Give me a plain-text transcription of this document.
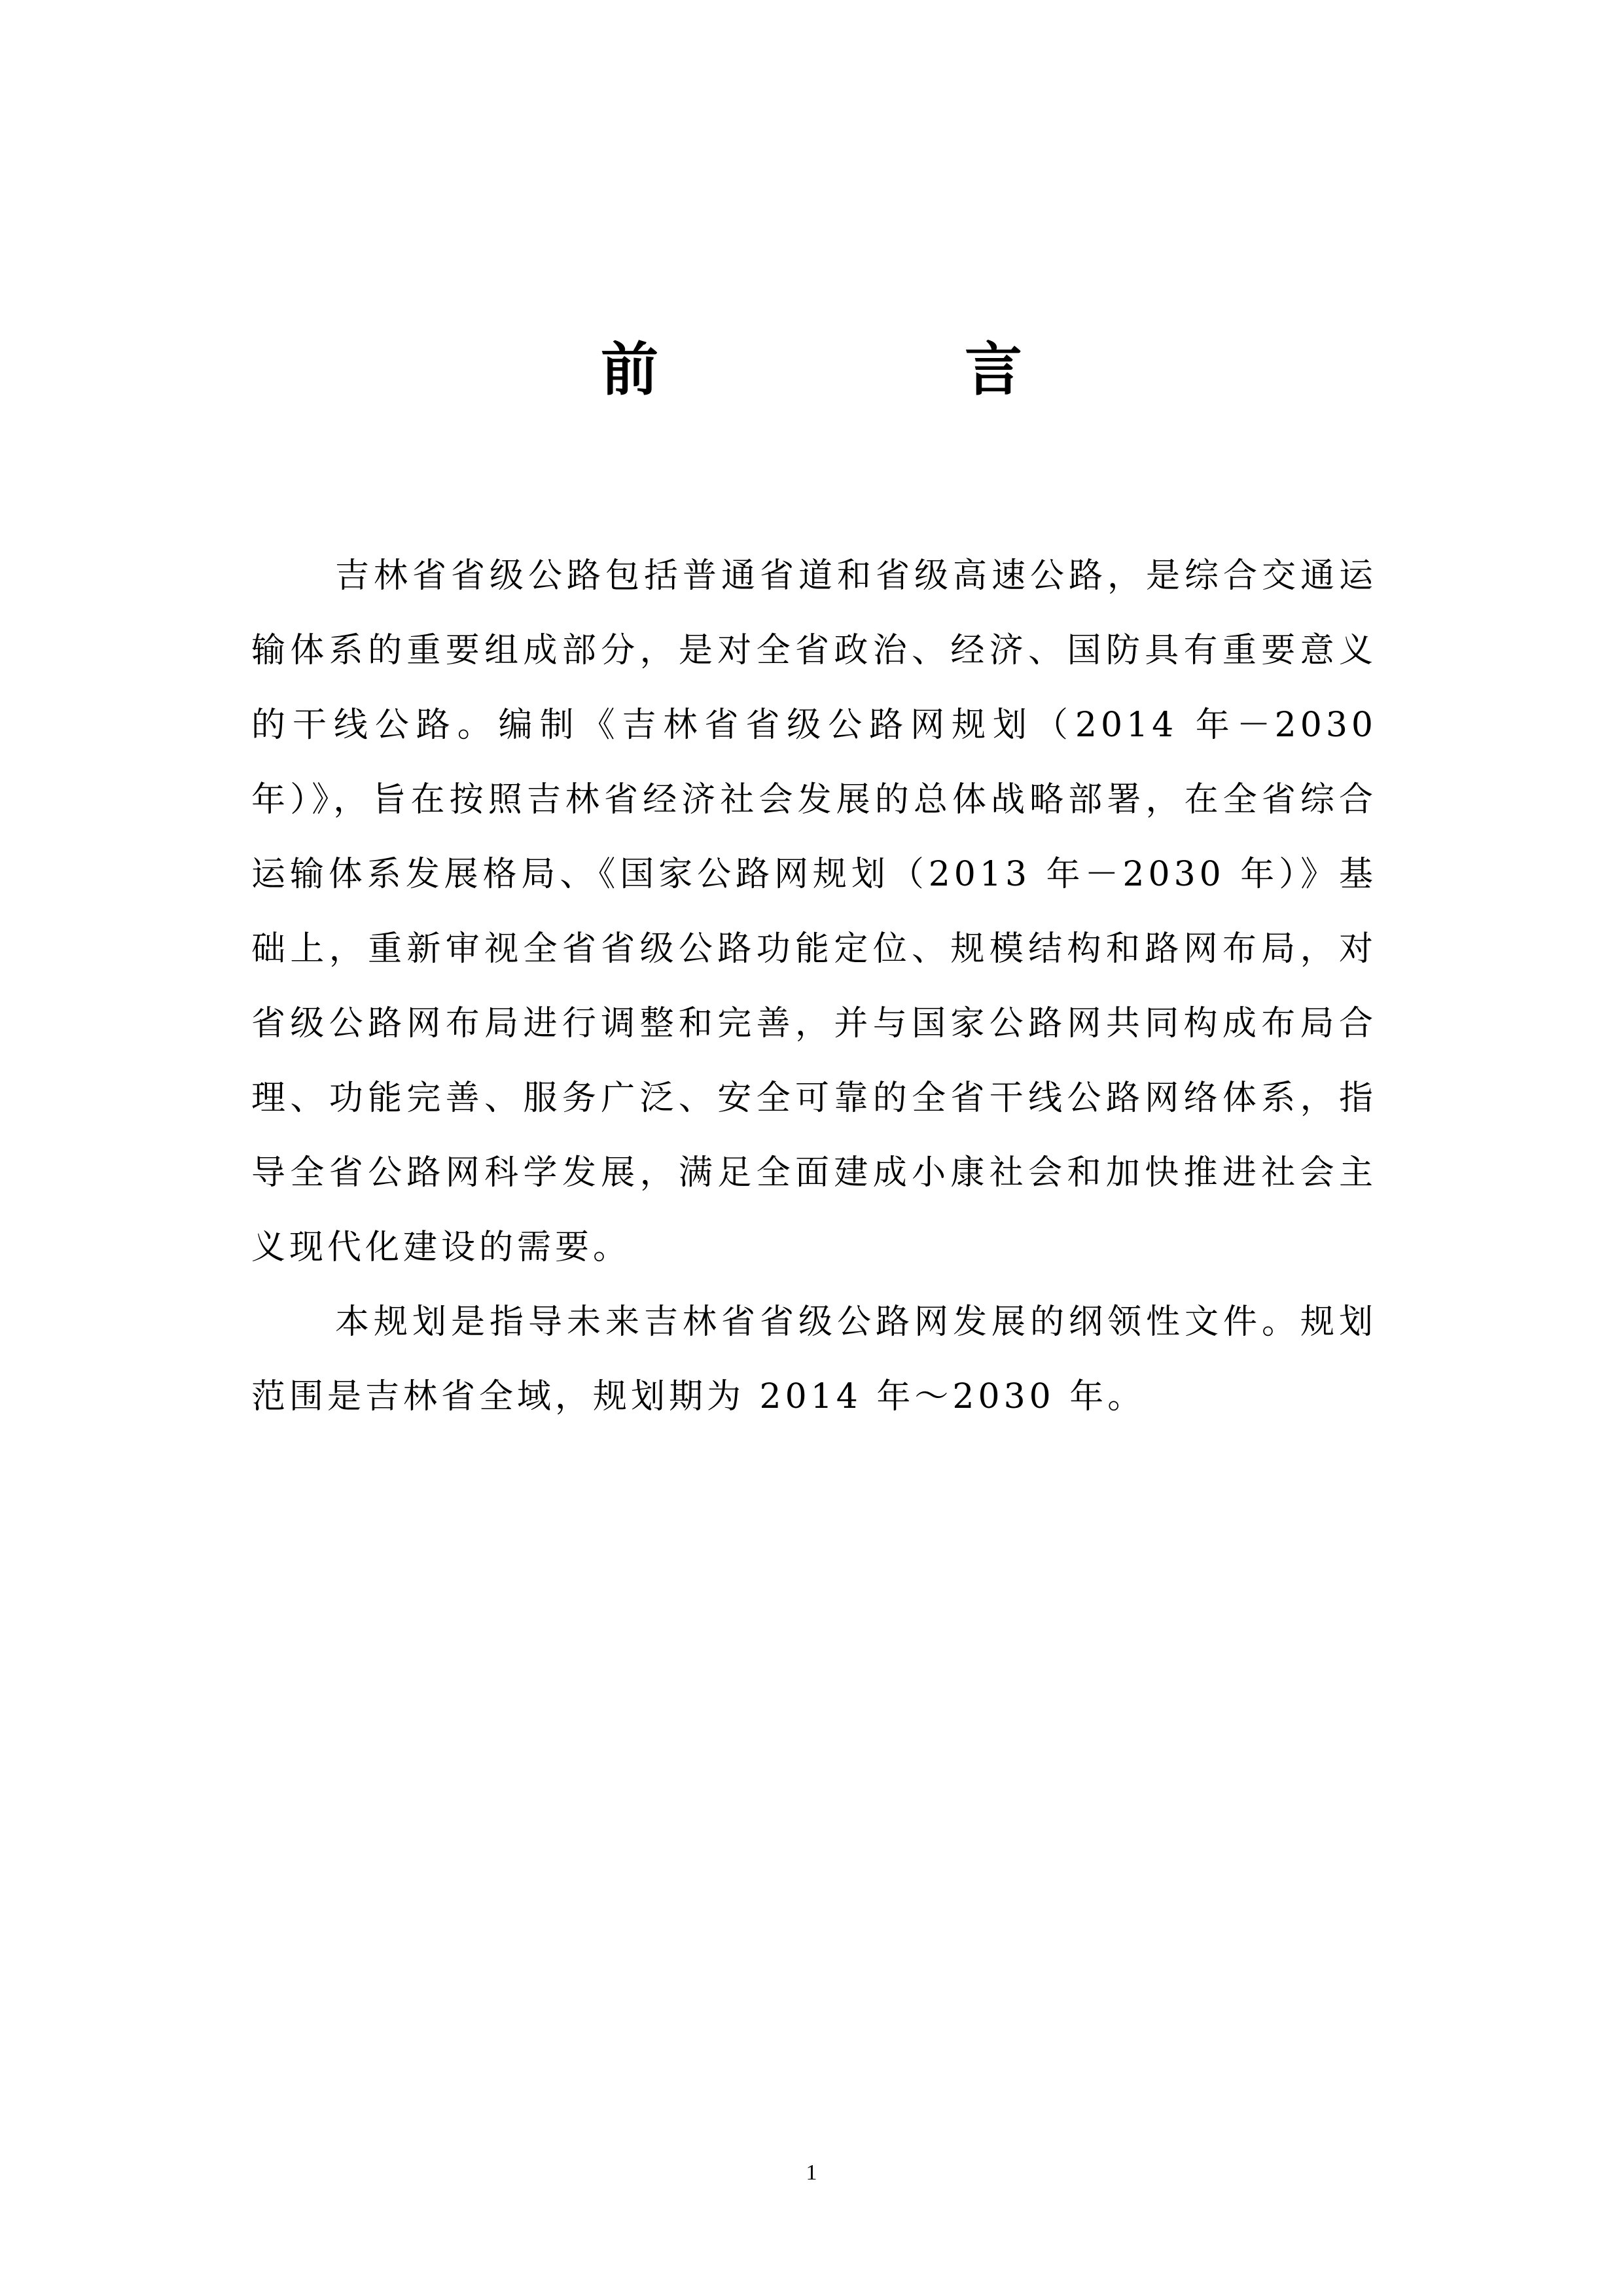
前　言

吉林省省级公路包括普通省道和省级高速公路，是综合交通运输体系的重要组成部分，是对全省政治、经济、国防具有重要意义的干线公路。编制《吉林省省级公路网规划（2014 年－2030 年）》，旨在按照吉林省经济社会发展的总体战略部署，在全省综合运输体系发展格局、《国家公路网规划（2013 年－2030 年）》基础上，重新审视全省省级公路功能定位、规模结构和路网布局，对省级公路网布局进行调整和完善，并与国家公路网共同构成布局合理、功能完善、服务广泛、安全可靠的全省干线公路网络体系，指导全省公路网科学发展，满足全面建成小康社会和加快推进社会主义现代化建设的需要。

本规划是指导未来吉林省省级公路网发展的纲领性文件。规划范围是吉林省全域，规划期为 2014 年～2030 年。

1
